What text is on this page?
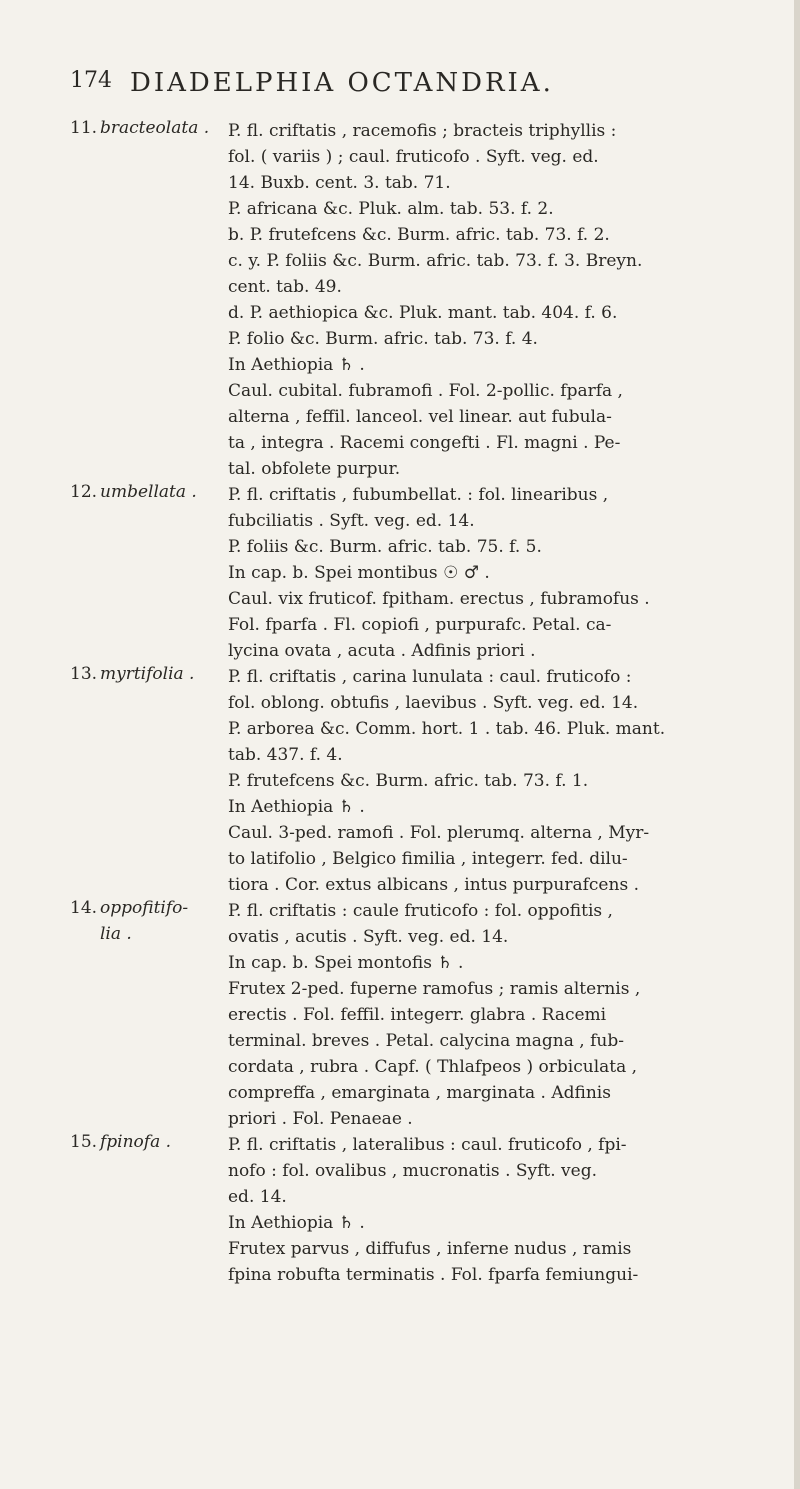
174 DIADELPHIA OCTANDRIA.
11. bracteolata . P. fl. criftatis , racemofis ; bracteis triphyllis :
fol. ( variis ) ; caul. fruticofo . Syft. veg. ed.
14. Buxb. cent. 3. tab. 71.
P. africana &c. Pluk. alm. tab. 53. f. 2.
b. P. frutefcens &c. Burm. afric. tab. 73. f. 2.
c. y. P. foliis &c. Burm. afric. tab. 73. f. 3. Breyn.
cent. tab. 49.
d. P. aethiopica &c. Pluk. mant. tab. 404. f. 6.
P. folio &c. Burm. afric. tab. 73. f. 4.
In Aethiopia ♄ .
Caul. cubital. fubramofi . Fol. 2-pollic. fparfa ,
alterna , feffil. lanceol. vel linear. aut fubula-
ta , integra . Racemi congefti . Fl. magni . Pe-
tal. obfolete purpur.
12. umbellata . P. fl. criftatis , fubumbellat. : fol. linearibus ,
fubciliatis . Syft. veg. ed. 14.
P. foliis &c. Burm. afric. tab. 75. f. 5.
In cap. b. Spei montibus ☉ ♂ .
Caul. vix fruticof. fpitham. erectus , fubramofus .
Fol. fparfa . Fl. copiofi , purpurafc. Petal. ca-
lycina ovata , acuta . Adfinis priori .
13. myrtifolia . P. fl. criftatis , carina lunulata : caul. fruticofo :
fol. oblong. obtufis , laevibus . Syft. veg. ed. 14.
P. arborea &c. Comm. hort. 1 . tab. 46. Pluk. mant.
tab. 437. f. 4.
P. frutefcens &c. Burm. afric. tab. 73. f. 1.
In Aethiopia ♄ .
Caul. 3-ped. ramofi . Fol. plerumq. alterna , Myr-
to latifolio , Belgico fimilia , integerr. fed. dilu-
tiora . Cor. extus albicans , intus purpurafcens .
14. oppofitifo-
lia .
P. fl. criftatis : caule fruticofo : fol. oppofitis ,
ovatis , acutis . Syft. veg. ed. 14.
In cap. b. Spei montofis ♄ .
Frutex 2-ped. fuperne ramofus ; ramis alternis ,
erectis . Fol. feffil. integerr. glabra . Racemi
terminal. breves . Petal. calycina magna , fub-
cordata , rubra . Capf. ( Thlafpeos ) orbiculata ,
compreffa , emarginata , marginata . Adfinis
priori . Fol. Penaeae .
15. fpinofa .	P. fl. criftatis , lateralibus : caul. fruticofo , fpi-
nofo : fol. ovalibus , mucronatis . Syft. veg.
ed. 14.
In Aethiopia ♄ .
Frutex parvus , diffufus , inferne nudus , ramis
fpina robufta terminatis . Fol. fparfa femiungui-
